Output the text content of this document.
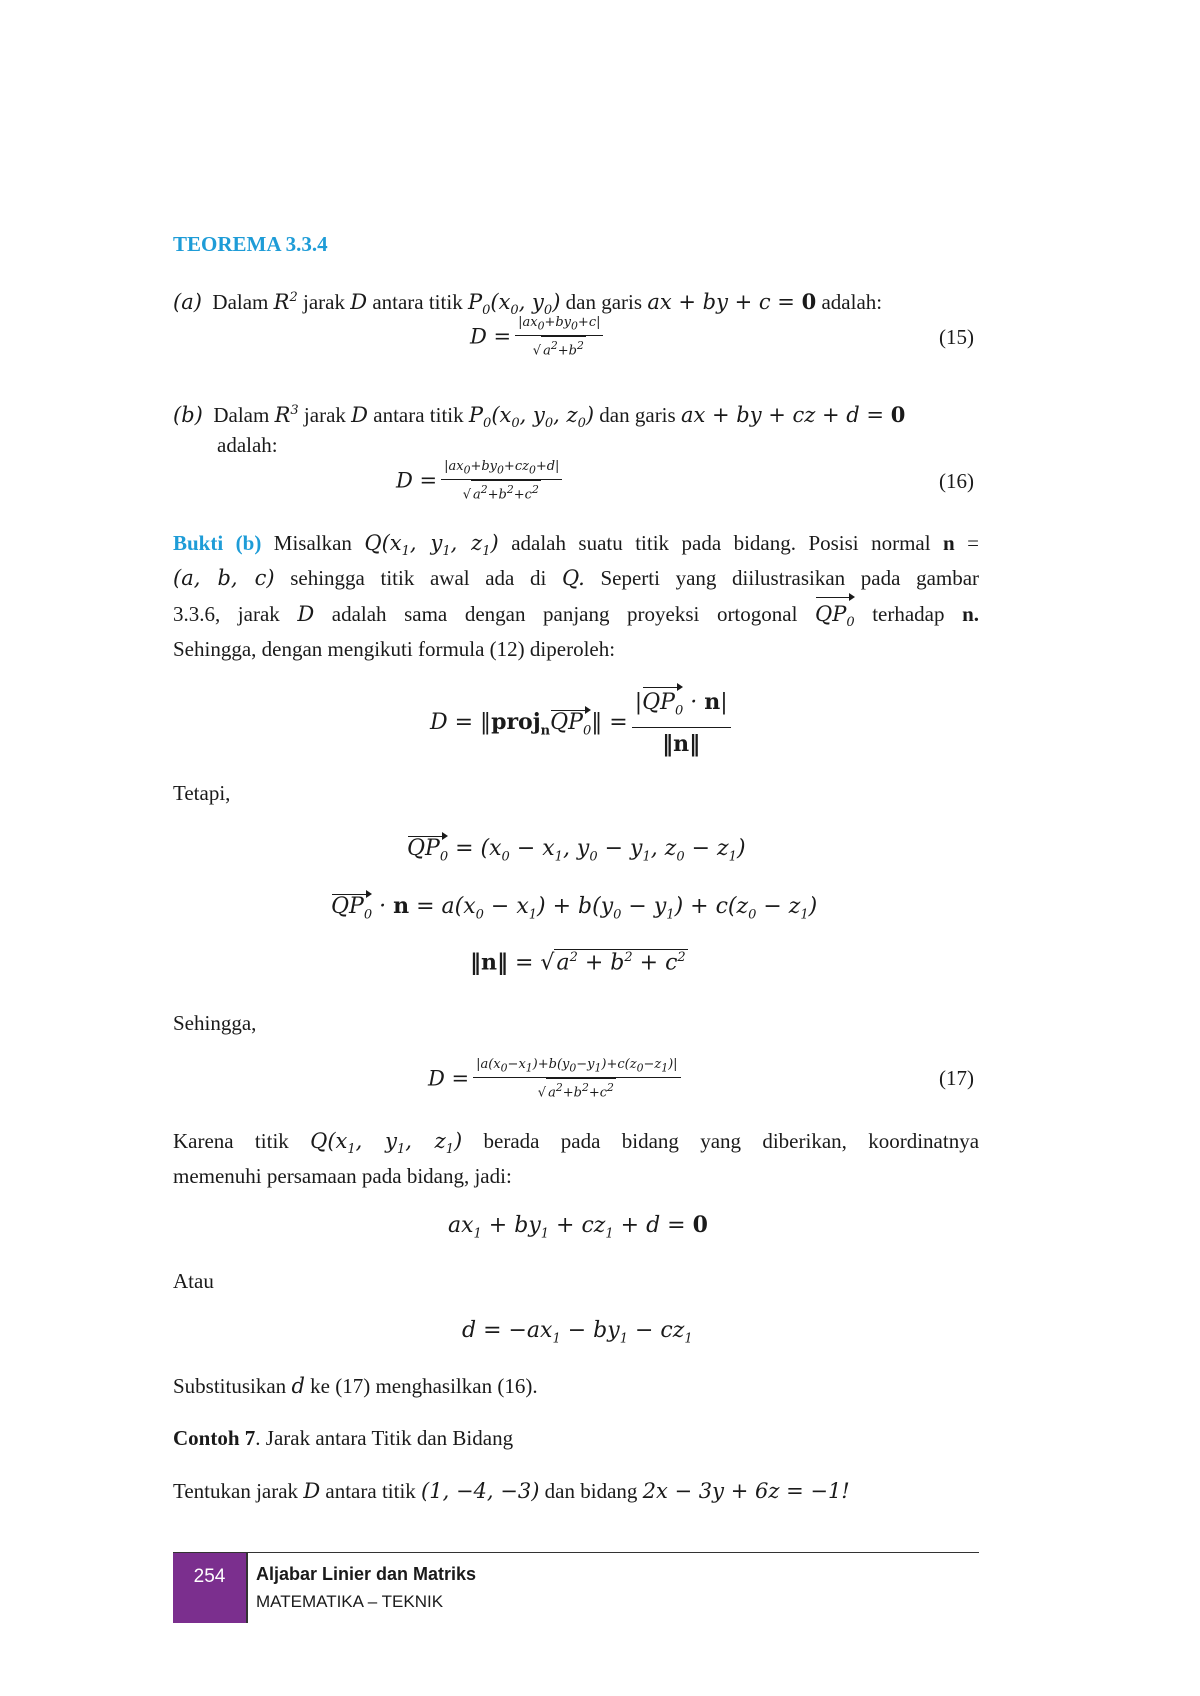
TEOREMA 3.3.4
(a) Dalam $R^2$ jarak D antara titik $P_0(x_0$, $y_0$) dan garis ax + by + c = 0 adalah:
$D = \frac{|ax_0+by_0+c|}{√ a^2+b^2}$	(15)
(b) Dalam $R^3$ jarak D antara titik $P_0(x_0$, $y_0$, $z_0$) dan garis ax + by + cz + d = 0
adalah:
$D = \frac{|ax_0+by_0+cz_0+d|}{√ a^2+b^2+c^2}$	(16)
Bukti (b) Misalkan $Q(x_1$, $y_1$, $z_1$) adalah suatu titik pada bidang. Posisi normal n =
(a, b, c) sehingga titik awal ada di Q. Seperti yang diilustrasikan pada gambar
3.3.6, jarak D adalah sama dengan panjang proyeksi ortogonal $QP_0$ terhadap n.
Sehingga, dengan mengikuti formula (12) diperoleh:
$D = ‖proj_nQP_0‖ = \frac{|QP_0 \cdot n|}{‖n‖}$
Tetapi,
$QP_0 = (x_0 - x_1$, $y_0 - y_1$, $z_0 - z_1$)
$QP_0 \cdot n = a(x_0 - x_1) + b(y_0 - y_1) + c(z_0 - z_1)$
‖n‖ = $√a^2 + b^2 + c^2$
Sehingga,
$D = \frac{|a(x_0-x_1)+b(y_0-y_1)+c(z_0-z_1)|}{√ a^2+b^2+c^2}$	(17)
Karena titik $Q(x_1$, $y_1$, $z_1$) berada pada bidang yang diberikan, koordinatnya
memenuhi persamaan pada bidang, jadi:
$ax_1 + by_1 + cz_1 + d = 0$
Atau
$d = -ax_1 - by_1 - cz_1$
Substitusikan d ke (17) menghasilkan (16).
Contoh 7. Jarak antara Titik dan Bidang
Tentukan jarak D antara titik (1, −4, −3) dan bidang 2𝑥 − 3𝑦 + 6𝑧 = −1!
254	Aljabar Linier dan Matriks
MATEMATIKA – TEKNIK
